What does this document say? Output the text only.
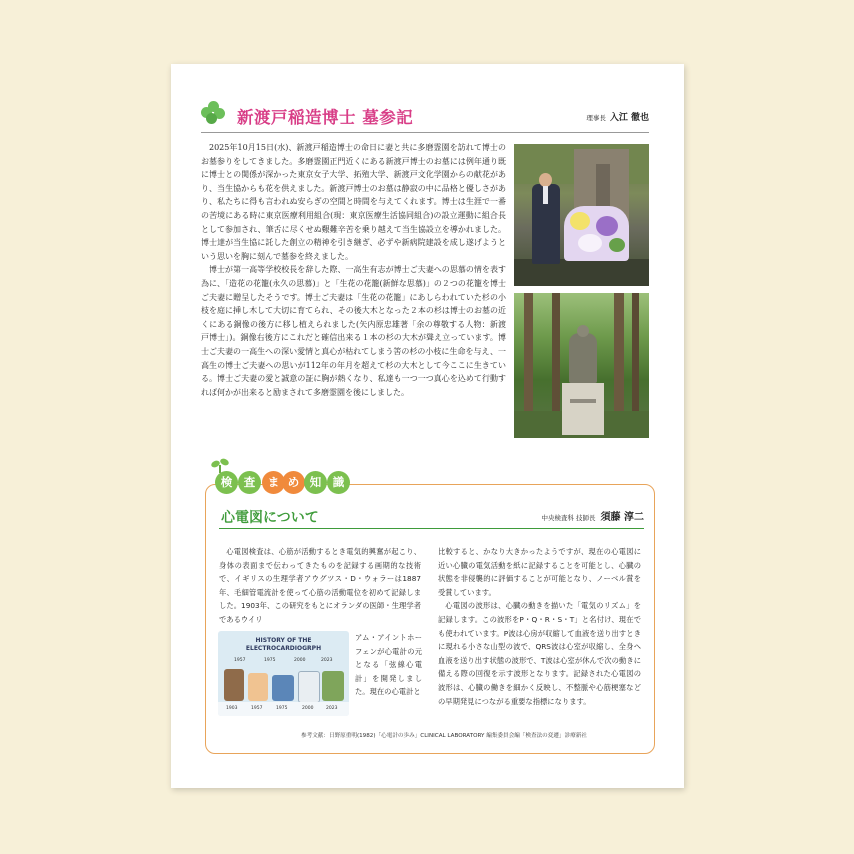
新渡戸稲造博士 墓参記	理事長 入江 徹也

2025年10月15日(水)、新渡戸稲造博士の命日に妻と共に多磨霊園を訪れて博士のお墓参りをしてきました。多磨霊園正門近くにある新渡戸博士のお墓には例年通り既に博士との関係が深かった東京女子大学、拓殖大学、新渡戸文化学園からの献花があり、当生協からも花を供えました。新渡戸博士のお墓は静寂の中に品格と優しさがあり、私たちに得も言われぬ安らぎの空間と時間を与えてくれます。博士は生涯で一番の苦境にある時に東京医療利用組合(現：東京医療生活協同組合)の設立運動に組合長として参加され、筆舌に尽くせぬ艱難辛苦を乗り越えて当生協設立を導かれました。博士達が当生協に託した創立の精神を引き継ぎ、必ずや新病院建設を成し遂げようという思いを胸に刻んで墓参を終えました。

博士が第一高等学校校長を辞した際、一高生有志が博士ご夫妻への思慕の情を表す為に、「造花の花籠(永久の思慕)」と「生花の花籠(新鮮な思慕)」の２つの花籠を博士ご夫妻に贈呈したそうです。博士ご夫妻は「生花の花籠」にあしらわれていた杉の小枝を庭に挿し木して大切に育てられ、その後大木となった２本の杉は博士のお墓の近くにある銅像の後方に移し植えられました(矢内原忠雄著「余の尊敬する人物：新渡戸博士」)。銅像右後方にこれだと確信出来る１本の杉の大木が聳え立っています。博士ご夫妻の一高生への深い愛情と真心が枯れてしまう筈の杉の小枝に生命を与え、一高生の博士ご夫妻への思いが112年の年月を超えて杉の大木として今ここに生きている。博士ご夫妻の愛と誠意の証に胸が熱くなり、私達も一つ一つ真心を込めて行動すれば何かが出来ると励まされて多磨霊園を後にしました。

検	査	ま め 知	識
心電図について	中央検査科 技師長 須藤 淳二

心電図検査は、心筋が活動するとき電気的興奮が起こり、身体の表面まで伝わってきたものを記録する画期的な技術で、イギリスの生理学者アウグツス・D・ウォラーは1887年、毛細管電流計を使って心筋の活動電位を初めて記録しました。1903年、この研究をもとにオランダの医師・生理学者であるウイリ

HISTORY OF THE
ELECTROCARDIOGRPH
1957	1975	2000	2023
1903	1957	1975	2000	2023

アム・アイントホーフェンが心電計の元となる「弦線心電計」を開発しました。現在の心電計と

比較すると、かなり大きかったようですが、現在の心電図に近い心臓の電気活動を紙に記録することを可能とし、心臓の状態を非侵襲的に評価することが可能となり、ノーベル賞を受賞しています。

心電図の波形は、心臓の動きを描いた「電気のリズム」を記録します。この波形をP・Q・R・S・T」と名付け、現在でも使われています。P波は心房が収縮して血液を送り出すときに現れる小さな山型の波で、QRS波は心室が収縮し、全身へ血液を送り出す状態の波形で、T波は心室が休んで次の動きに備える際の回復を示す波形となります。記録された心電図の波形は、心臓の働きを細かく反映し、不整脈や心筋梗塞などの早期発見につながる重要な指標になります。

参考文献：日野原重明(1982)「心電計の歩み」CLINICAL LABORATORY 編集委員会編「検査法の変遷」診療新社
